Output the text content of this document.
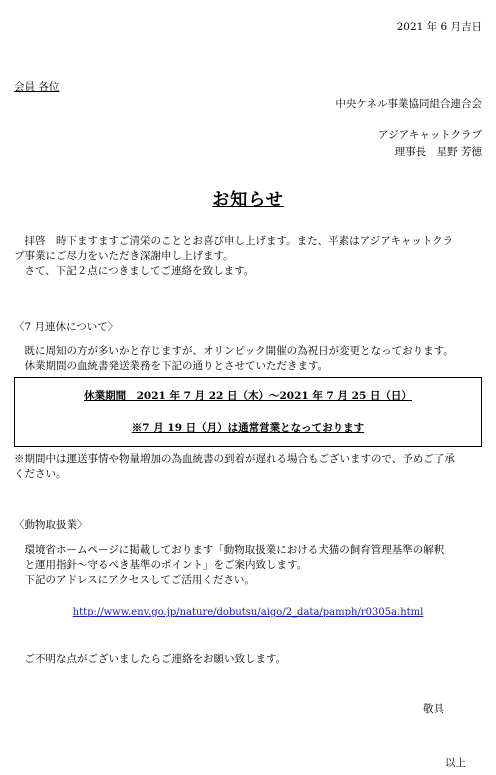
2021 年 6 月吉日
会員 各位
中央ケネル事業協同組合連合会
アジアキャットクラブ
理事長　星野 芳徳
お知らせ
　拝啓　時下ますますご清栄のこととお喜び申し上げます。また、平素はアジアキャットクラ
ブ事業にご尽力をいただき深謝申し上げます。
　さて、下記２点につきましてご連絡を致します。
〈7 月連休について〉
　既に周知の方が多いかと存じますが、オリンピック開催の為祝日が変更となっております。
　休業期間の血統書発送業務を下記の通りとさせていただきます。
休業期間　2021 年 7 月 22 日（木）～2021 年 7 月 25 日（日）
※7 月 19 日（月）は通常営業となっております
※期間中は運送事情や物量増加の為血統書の到着が遅れる場合もございますので、予めご了承
ください。
〈動物取扱業〉
　環境省ホームページに掲載しております「動物取扱業における犬猫の飼育管理基準の解釈
　と運用指針～守るべき基準のポイント」をご案内致します。
　下記のアドレスにアクセスしてご活用ください。
http://www.env.go.jp/nature/dobutsu/aigo/2_data/pamph/r0305a.html
　ご不明な点がございましたらご連絡をお願い致します。
敬具
以上
